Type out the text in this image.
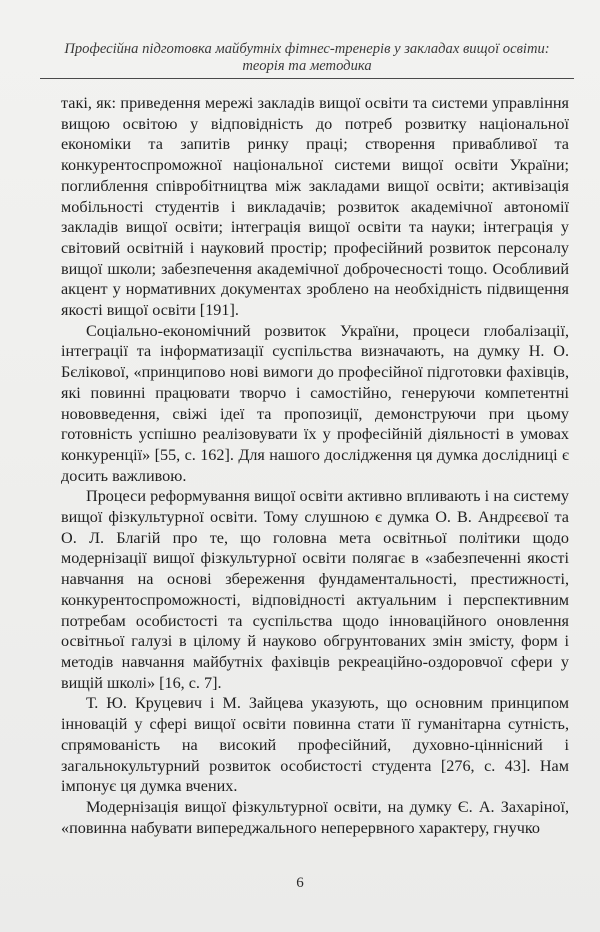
Професійна підготовка майбутніх фітнес-тренерів у закладах вищої освіти:
теорія та методика

такі, як: приведення мережі закладів вищої освіти та системи управління вищою освітою у відповідність до потреб розвитку національної економіки та запитів ринку праці; створення привабливої та конкурентоспроможної національної системи вищої освіти України; поглиблення співробітництва між закладами вищої освіти; активізація мобільності студентів і викладачів; розвиток академічної автономії закладів вищої освіти; інтеграція вищої освіти та науки; інтеграція у світовий освітній і науковий простір; професійний розвиток персоналу вищої школи; забезпечення академічної доброчесності тощо. Особливий акцент у нормативних документах зроблено на необхідність підвищення якості вищої освіти [191].

Соціально-економічний розвиток України, процеси глобалізації, інтеграції та інформатизації суспільства визначають, на думку Н. О. Бєлікової, «принципово нові вимоги до професійної підготовки фахівців, які повинні працювати творчо і самостійно, генеруючи компетентні нововведення, свіжі ідеї та пропозиції, демонструючи при цьому готовність успішно реалізовувати їх у професійній діяльності в умовах конкуренції» [55, с. 162]. Для нашого дослідження ця думка дослідниці є досить важливою.

Процеси реформування вищої освіти активно впливають і на систему вищої фізкультурної освіти. Тому слушною є думка О. В. Андрєєвої та О. Л. Благій про те, що головна мета освітньої політики щодо модернізації вищої фізкультурної освіти полягає в «забезпеченні якості навчання на основі збереження фундаментальності, престижності, конкурентоспроможності, відповідності актуальним і перспективним потребам особистості та суспільства щодо інноваційного оновлення освітньої галузі в цілому й науково обгрунтованих змін змісту, форм і методів навчання майбутніх фахівців рекреаційно-оздоровчої сфери у вищій школі» [16, с. 7].

Т. Ю. Круцевич і М. Зайцева указують, що основним принципом інновацій у сфері вищої освіти повинна стати її гуманітарна сутність, спрямованість на високий професійний, духовно-ціннісний і загальнокультурний розвиток особистості студента [276, с. 43]. Нам імпонує ця думка вчених.

Модернізація вищої фізкультурної освіти, на думку Є. А. Захаріної, «повинна набувати випереджального неперервного характеру, гнучко

6
